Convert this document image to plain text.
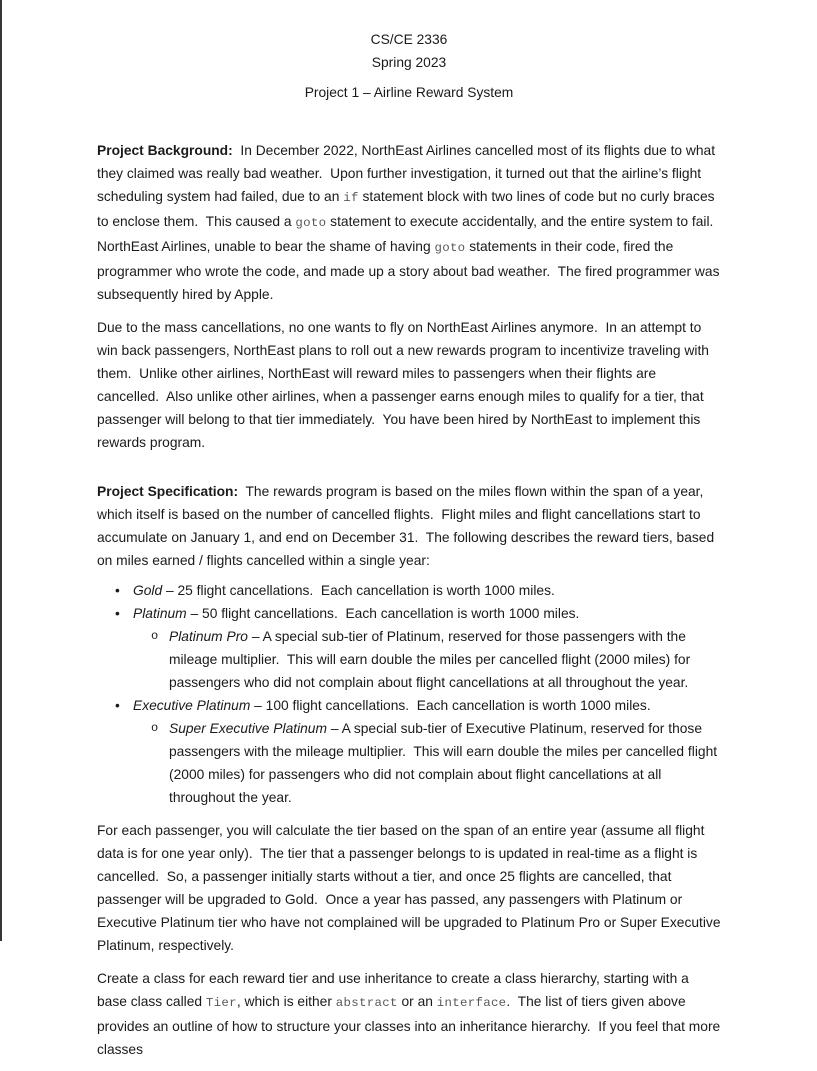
CS/CE 2336
Spring 2023
Project 1 – Airline Reward System
Project Background:  In December 2022, NorthEast Airlines cancelled most of its flights due to what they claimed was really bad weather.  Upon further investigation, it turned out that the airline’s flight scheduling system had failed, due to an if statement block with two lines of code but no curly braces to enclose them.  This caused a goto statement to execute accidentally, and the entire system to fail.  NorthEast Airlines, unable to bear the shame of having goto statements in their code, fired the programmer who wrote the code, and made up a story about bad weather.  The fired programmer was subsequently hired by Apple.
Due to the mass cancellations, no one wants to fly on NorthEast Airlines anymore.  In an attempt to win back passengers, NorthEast plans to roll out a new rewards program to incentivize traveling with them.  Unlike other airlines, NorthEast will reward miles to passengers when their flights are cancelled.  Also unlike other airlines, when a passenger earns enough miles to qualify for a tier, that passenger will belong to that tier immediately.  You have been hired by NorthEast to implement this rewards program.
Project Specification:  The rewards program is based on the miles flown within the span of a year, which itself is based on the number of cancelled flights.  Flight miles and flight cancellations start to accumulate on January 1, and end on December 31.  The following describes the reward tiers, based on miles earned / flights cancelled within a single year:
• Gold – 25 flight cancellations.  Each cancellation is worth 1000 miles.
• Platinum – 50 flight cancellations.  Each cancellation is worth 1000 miles.
o Platinum Pro – A special sub-tier of Platinum, reserved for those passengers with the mileage multiplier.  This will earn double the miles per cancelled flight (2000 miles) for passengers who did not complain about flight cancellations at all throughout the year.
• Executive Platinum – 100 flight cancellations.  Each cancellation is worth 1000 miles.
o Super Executive Platinum – A special sub-tier of Executive Platinum, reserved for those passengers with the mileage multiplier.  This will earn double the miles per cancelled flight (2000 miles) for passengers who did not complain about flight cancellations at all throughout the year.
For each passenger, you will calculate the tier based on the span of an entire year (assume all flight data is for one year only).  The tier that a passenger belongs to is updated in real-time as a flight is cancelled.  So, a passenger initially starts without a tier, and once 25 flights are cancelled, that passenger will be upgraded to Gold.  Once a year has passed, any passengers with Platinum or Executive Platinum tier who have not complained will be upgraded to Platinum Pro or Super Executive Platinum, respectively.
Create a class for each reward tier and use inheritance to create a class hierarchy, starting with a base class called Tier, which is either abstract or an interface.  The list of tiers given above provides an outline of how to structure your classes into an inheritance hierarchy.  If you feel that more classes
